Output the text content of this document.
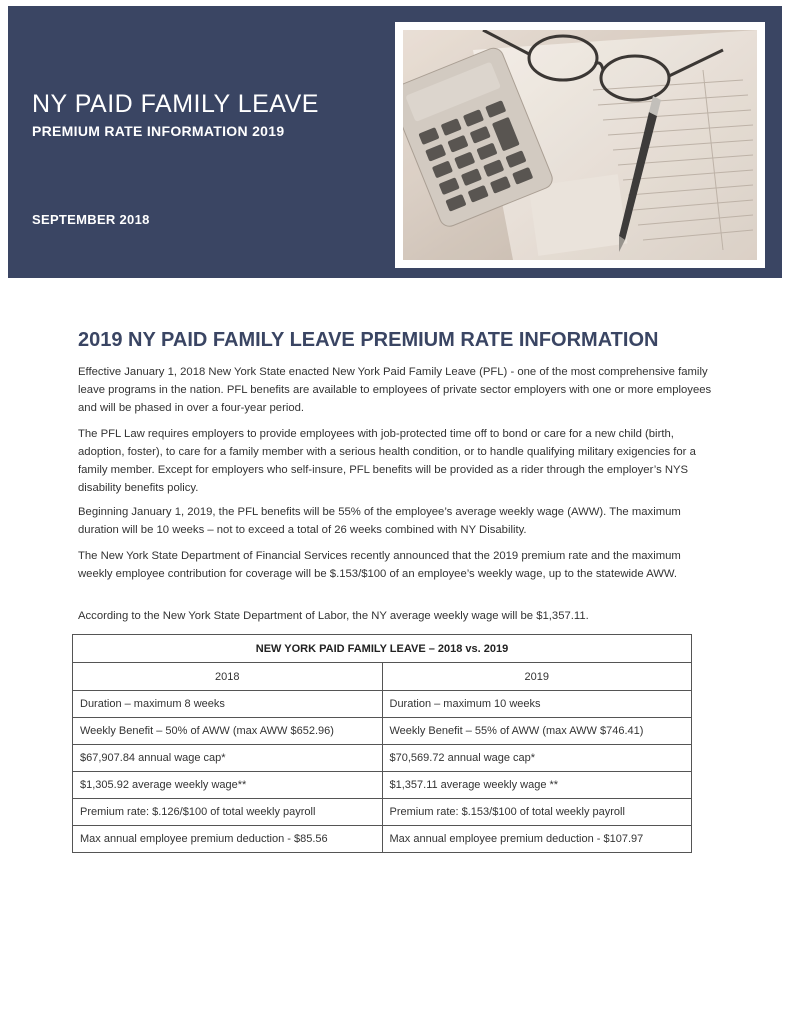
NY PAID FAMILY LEAVE
PREMIUM RATE INFORMATION 2019
SEPTEMBER 2018
2019 NY PAID FAMILY LEAVE PREMIUM RATE INFORMATION
Effective January 1, 2018 New York State enacted New York Paid Family Leave (PFL) - one of the most comprehensive family leave programs in the nation. PFL benefits are available to employees of private sector employers with one or more employees and will be phased in over a four-year period.
The PFL Law requires employers to provide employees with job-protected time off to bond or care for a new child (birth, adoption, foster), to care for a family member with a serious health condition, or to handle qualifying military exigencies for a family member. Except for employers who self-insure, PFL benefits will be provided as a rider through the employer’s NYS disability benefits policy.
Beginning January 1, 2019, the PFL benefits will be 55% of the employee’s average weekly wage (AWW). The maximum duration will be 10 weeks – not to exceed a total of 26 weeks combined with NY Disability.
The New York State Department of Financial Services recently announced that the 2019 premium rate and the maximum weekly employee contribution for coverage will be $.153/$100 of an employee’s weekly wage, up to the statewide AWW.
According to the New York State Department of Labor, the NY average weekly wage will be $1,357.11.
NEW YORK PAID FAMILY LEAVE – 2018 vs. 2019	
2018	2019
Duration – maximum 8 weeks	Duration – maximum 10 weeks
Weekly Benefit – 50% of AWW (max AWW $652.96)	Weekly Benefit – 55% of AWW (max AWW $746.41)
$67,907.84 annual wage cap*	$70,569.72 annual wage cap*
$1,305.92 average weekly wage**	$1,357.11 average weekly wage **
Premium rate: $.126/$100 of total weekly payroll	Premium rate: $.153/$100 of total weekly payroll
Max annual employee premium deduction - $85.56	Max annual employee premium deduction - $107.97
